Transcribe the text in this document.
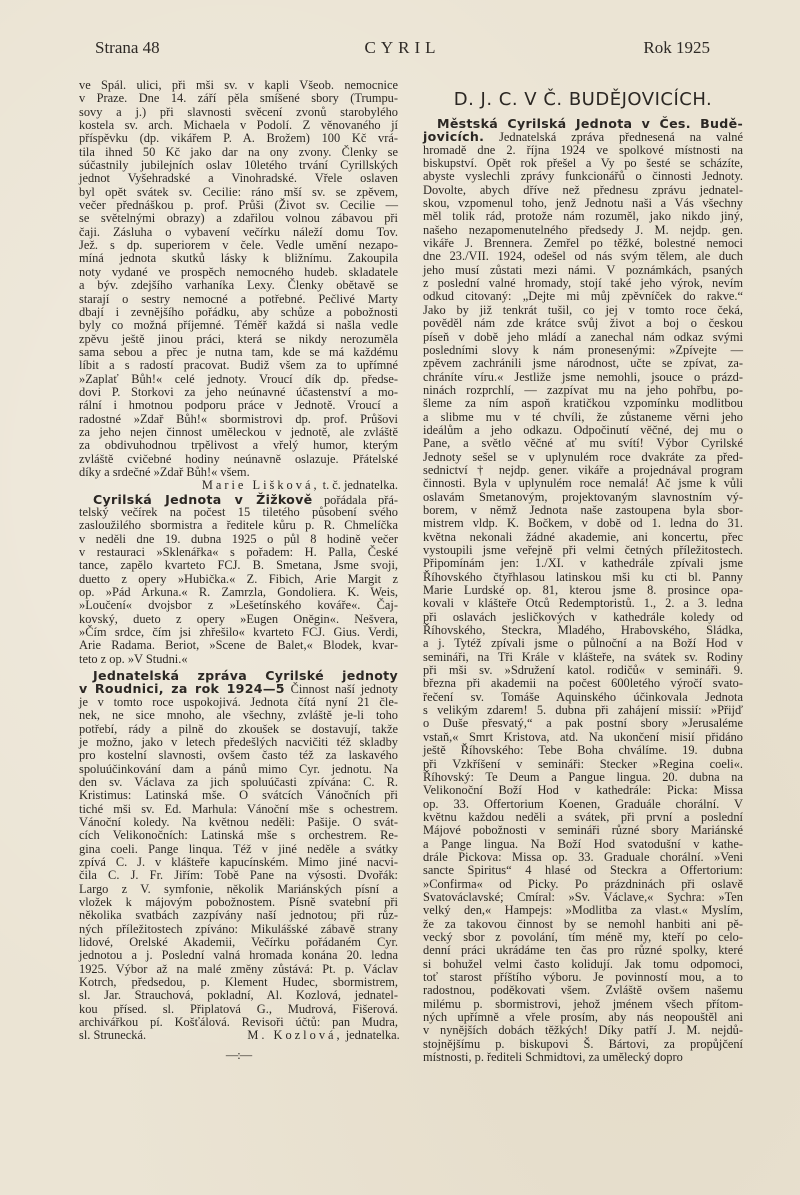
Strana 48	CYRIL	Rok 1925
ve Spál. ulici, při mši sv. v kapli Všeob. nemocnice
v Praze. Dne 14. září pěla smíšené sbory (Trumpu-
sovy a j.) při slavnosti svěcení zvonů starobylého
kostela sv. arch. Michaela v Podolí. Z věnovaného jí
příspěvku (dp. vikářem P. A. Brožem) 100 Kč vrá-
tila ihned 50 Kč jako dar na ony zvony. Členky se
súčastnily jubilejních oslav 10letého trvání Cyrillských
jednot Vyšehradské a Vinohradské. Vřele oslaven
byl opět svátek sv. Cecilie: ráno mší sv. se zpěvem,
večer přednáškou p. prof. Průši (Život sv. Cecilie —
se světelnými obrazy) a zdařilou volnou zábavou při
čaji. Zásluha o vybavení večírku náleží domu Tov.
Jež. s dp. superiorem v čele. Vedle umění nezapo-
míná jednota skutků lásky k bližnímu. Zakoupila
noty vydané ve prospěch nemocného hudeb. skladatele
a býv. zdejšího varhaníka Lexy. Členky obětavě se
starají o sestry nemocné a potřebné. Pečlivé Marty
dbají i zevnějšího pořádku, aby schůze a pobožnosti
byly co možná příjemné. Téměř každá si našla vedle
zpěvu ještě jinou práci, která se nikdy nerozuměla
sama sebou a přec je nutna tam, kde se má každému
líbit a s radostí pracovat. Budiž všem za to upřímné
»Zaplať Bůh!« celé jednoty. Vroucí dík dp. předse-
dovi P. Storkovi za jeho neúnavné účastenství a mo-
rální i hmotnou podporu práce v Jednotě. Vroucí a
radostné »Zdař Bůh!« sbormistrovi dp. prof. Průšovi
za jeho nejen činnost uměleckou v jednotě, ale zvláště
za obdivuhodnou trpělivost a vřelý humor, kterým
zvláště cvičebné hodiny neúnavně oslazuje. Přátelské
díky a srdečné »Zdař Bůh!« všem.
Marie Lišková, t. č. jednatelka.
Cyrilská Jednota v Žižkově pořádala přá-
telský večírek na počest 15 tiletého působení svého
zasloužilého sbormistra a ředitele kůru p. R. Chmelíčka
v neděli dne 19. dubna 1925 o půl 8 hodině večer
v restauraci »Sklenářka« s pořadem: H. Palla, České
tance, zapělo kvarteto FCJ. B. Smetana, Jsme svoji,
duetto z opery »Hubička.« Z. Fibich, Arie Margit z
op. »Pád Arkuna.« R. Zamrzla, Gondoliera. K. Weis,
»Loučení« dvojsbor z »Lešetínského kováře«. Čaj-
kovský, dueto z opery »Eugen Oněgin«. Nešvera,
»Čím srdce, čím jsi zhřešilo« kvarteto FCJ. Gius. Verdi,
Arie Radama. Beriot, »Scene de Balet,« Blodek, kvar-
teto z op. »V Studni.«
Jednatelská zpráva Cyrilské jednoty
v Roudnici, za rok 1924—5 Činnost naší jednoty
je v tomto roce uspokojivá. Jednota čítá nyní 21 čle-
nek, ne sice mnoho, ale všechny, zvláště je-li toho
potřebí, rády a pilně do zkoušek se dostavují, takže
je možno, jako v letech předešlých nacvičiti též skladby
pro kostelní slavnosti, ovšem často též za laskavého
spoluúčinkování dam a pánů mimo Cyr. jednotu. Na
den sv. Václava za jich spoluúčasti zpívána: C. R.
Kristimus: Latinská mše. O svátcích Vánočních při
tiché mši sv. Ed. Marhula: Vánoční mše s ochestrem.
Vánoční koledy. Na květnou neděli: Pašije. O svát-
cích Velikonočních: Latinská mše s orchestrem. Re-
gina coeli. Pange linqua. Též v jiné neděle a svátky
zpívá C. J. v klášteře kapucínském. Mimo jiné nacvi-
čila C. J. Fr. Jiřím: Tobě Pane na výsosti. Dvořák:
Largo z V. symfonie, několik Mariánských písní a
vložek k májovým pobožnostem. Písně svatební při
několika svatbách zazpívány naší jednotou; při růz-
ných příležitostech zpíváno: Mikulášské zábavě strany
lidové, Orelské Akademii, Večírku pořádaném Cyr.
jednotou a j. Poslední valná hromada konána 20. ledna
1925. Výbor až na malé změny zůstává: Pt. p. Václav
Kotrch, předsedou, p. Klement Hudec, sbormistrem,
sl. Jar. Strauchová, pokladní, Al. Kozlová, jednatel-
kou přísed. sl. Připlatová G., Mudrová, Fišerová.
archivářkou pí. Košťálová. Revisoři účtů: pan Mudra,
sl. Strunecká.	M. Kozlová, jednatelka.
—:—
D. J. C. V Č. BUDĚJOVICÍCH.
Městská Cyrilská Jednota v Čes. Budě-
jovicích. Jednatelská zpráva přednesená na valné
hromadě dne 2. října 1924 ve spolkové místnosti na
biskupství. Opět rok přešel a Vy po šesté se scházíte,
abyste vyslechli zprávy funkcionářů o činnosti Jednoty.
Dovolte, abych dříve než přednesu zprávu jednatel-
skou, vzpomenul toho, jenž Jednotu naši a Vás všechny
měl tolik rád, protože nám rozuměl, jako nikdo jiný,
našeho nezapomenutelného předsedy J. M. nejdp. gen.
vikáře J. Brennera. Zemřel po těžké, bolestné nemoci
dne 23./VII. 1924, odešel od nás svým tělem, ale duch
jeho musí zůstati mezi námi. V poznámkách, psaných
z poslední valné hromady, stojí také jeho výrok, nevím
odkud citovaný: „Dejte mi můj zpěvníček do rakve.“
Jako by již tenkrát tušil, co jej v tomto roce čeká,
pověděl nám zde krátce svůj život a boj o českou
píseň v době jeho mládí a zanechal nám odkaz svými
posledními slovy k nám pronesenými: »Zpívejte —
zpěvem zachránili jsme národnost, učte se zpívat, za-
chráníte víru.« Jestliže jsme nemohli, jsouce o prázd-
ninách rozprchlí, — zazpívat mu na jeho pohřbu, po-
šleme za ním aspoň kratičkou vzpomínku modlitbou
a slibme mu v té chvíli, že zůstaneme věrni jeho
ideálům a jeho odkazu. Odpočinutí věčné, dej mu o
Pane, a světlo věčné ať mu svítí! Výbor Cyrilské
Jednoty sešel se v uplynulém roce dvakráte za před-
sednictví † nejdp. gener. vikáře a projednával program
činnosti. Byla v uplynulém roce nemalá! Ač jsme k vůli
oslavám Smetanovým, projektovaným slavnostním vý-
borem, v němž Jednota naše zastoupena byla sbor-
mistrem vldp. K. Bočkem, v době od 1. ledna do 31.
května nekonali žádné akademie, ani koncertu, přec
vystoupili jsme veřejně při velmi četných příležitostech.
Připomínám jen: 1./XI. v kathedrále zpívali jsme
Říhovského čtyřhlasou latinskou mši ku cti bl. Panny
Marie Lurdské op. 81, kterou jsme 8. prosince opa-
kovali v klášteře Otců Redemptoristů. 1., 2. a 3. ledna
při oslavách jesličkových v kathedrále koledy od
Říhovského, Steckra, Mladého, Hrabovského, Sládka,
a j. Tytéž zpívali jsme o půlnoční a na Boží Hod v
semináři, na Tři Krále v klášteře, na svátek sv. Rodiny
při mši sv. »Sdružení katol. rodičů« v semináři. 9.
března při akademii na počest 600letého výročí svato-
řečení sv. Tomáše Aquinského účinkovala Jednota
s velikým zdarem! 5. dubna při zahájení missií: »Přijď
o Duše přesvatý,“ a pak postní sbory »Jerusaléme
vstaň,« Smrt Kristova, atd. Na ukončení misií přidáno
ještě Říhovského: Tebe Boha chválíme. 19. dubna
při Vzkříšení v semináři: Stecker »Regina coeli«.
Říhovský: Te Deum a Pangue lingua. 20. dubna na
Velikonoční Boží Hod v kathedrále: Picka: Missa
op. 33. Offertorium Koenen, Graduále chorální. V
květnu každou neděli a svátek, při první a poslední
Májové pobožnosti v semináři různé sbory Mariánské
a Pange lingua. Na Boží Hod svatodušní v kathe-
drále Pickova: Missa op. 33. Graduale chorální. »Veni
sancte Spiritus“ 4 hlasé od Steckra a Offertorium:
»Confirma« od Picky. Po prázdninách při oslavě
Svatováclavské; Cmíral: »Sv. Václave,« Sychra: »Ten
velký den,« Hampejs: »Modlitba za vlast.« Myslím,
že za takovou činnost by se nemohl hanbiti ani pě-
vecký sbor z povolání, tím méně my, kteří po celo-
denní práci ukrádáme ten čas pro různé spolky, které
si bohužel velmi často kolidují. Jak tomu odpomoci,
toť starost příštího výboru. Je povinností mou, a to
radostnou, poděkovati všem. Zvláště ovšem našemu
milému p. sbormistrovi, jehož jménem všech přítom-
ných upřímně a vřele prosím, aby nás neopouštěl ani
v nynějších dobách těžkých! Díky patří J. M. nejdů-
stojnějšímu p. biskupovi Š. Bártovi, za propůjčení
místnosti, p. řediteli Schmidtovi, za umělecký dopro
